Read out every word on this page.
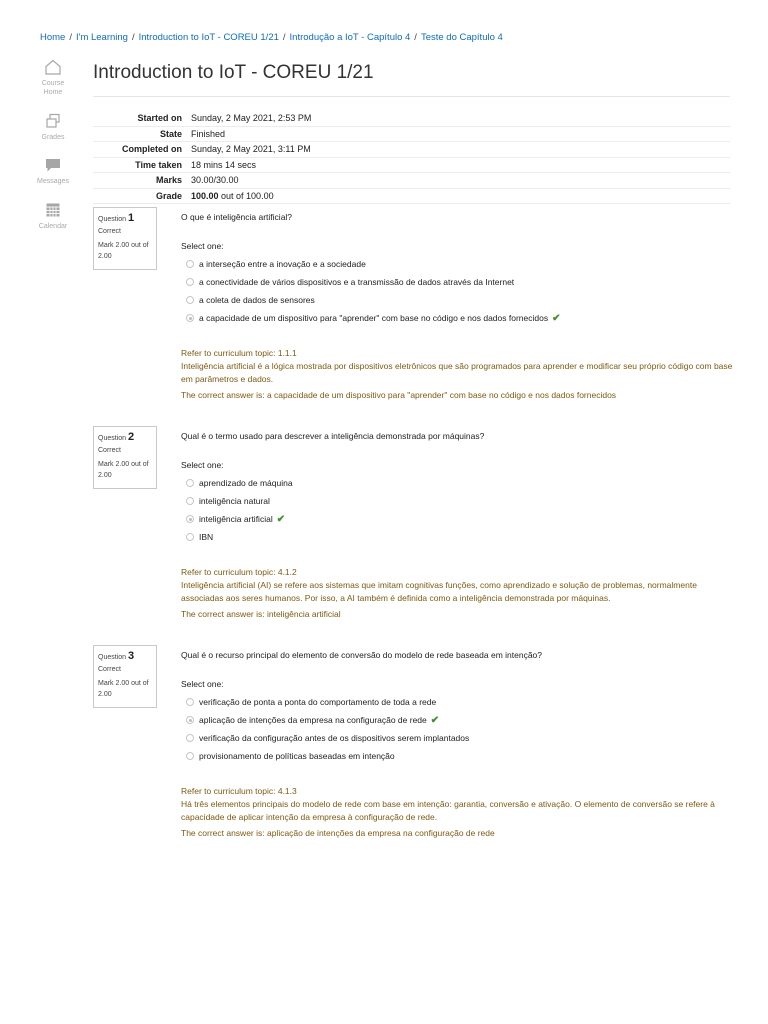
Home / I'm Learning / Introduction to IoT - COREU 1/21 / Introdução a IoT - Capítulo 4 / Teste do Capítulo 4
Course
Home
Grades
Messages
Calendar
Introduction to IoT - COREU 1/21
Started on	Sunday, 2 May 2021, 2:53 PM
State	Finished
Completed on	Sunday, 2 May 2021, 3:11 PM
Time taken	18 mins 14 secs
Marks	30.00/30.00
Grade	100.00 out of 100.00
Question 1
Correct
Mark 2.00 out of 2.00

O que é inteligência artificial?

Select one:
a interseção entre a inovação e a sociedade
a conectividade de vários dispositivos e a transmissão de dados através da Internet
a coleta de dados de sensores
a capacidade de um dispositivo para "aprender" com base no código e nos dados fornecidos ✔
Refer to curriculum topic: 1.1.1
Inteligência artificial é a lógica mostrada por dispositivos eletrônicos que são programados para aprender e modificar seu próprio código com base em parâmetros e dados.
The correct answer is: a capacidade de um dispositivo para "aprender" com base no código e nos dados fornecidos
Question 2
Correct
Mark 2.00 out of 2.00

Qual é o termo usado para descrever a inteligência demonstrada por máquinas?

Select one:
aprendizado de máquina
inteligência natural
inteligência artificial ✔
IBN
Refer to curriculum topic: 4.1.2
Inteligência artificial (AI) se refere aos sistemas que imitam cognitivas funções, como aprendizado e solução de problemas, normalmente associadas aos seres humanos. Por isso, a AI também é definida como a inteligência demonstrada por máquinas.
The correct answer is: inteligência artificial
Question 3
Correct
Mark 2.00 out of 2.00

Qual é o recurso principal do elemento de conversão do modelo de rede baseada em intenção?

Select one:
verificação de ponta a ponta do comportamento de toda a rede
aplicação de intenções da empresa na configuração de rede ✔
verificação da configuração antes de os dispositivos serem implantados
provisionamento de políticas baseadas em intenção
Refer to curriculum topic: 4.1.3
Há três elementos principais do modelo de rede com base em intenção: garantia, conversão e ativação. O elemento de conversão se refere à capacidade de aplicar intenção da empresa à configuração de rede.
The correct answer is: aplicação de intenções da empresa na configuração de rede
